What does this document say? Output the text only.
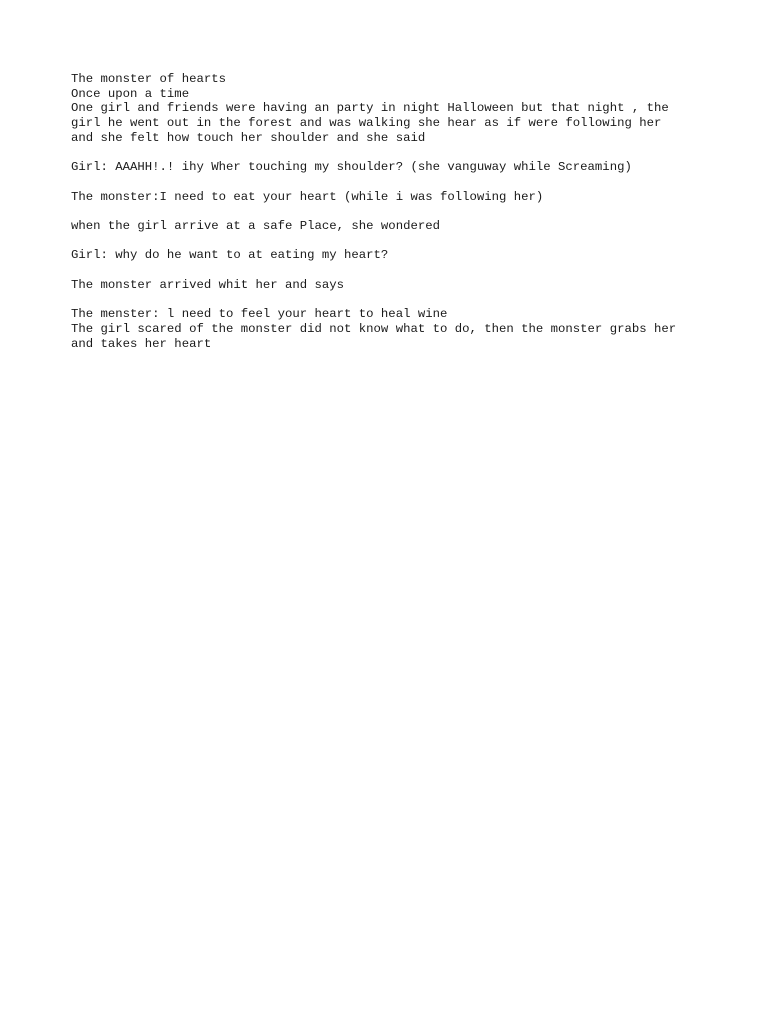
The monster of hearts
Once upon a time
One girl and friends were having an party in night Halloween but that night , the
girl he went out in the forest and was walking she hear as if were following her
and she felt how touch her shoulder and she said
Girl: AAAHH!.! ihy Wher touching my shoulder? (she vanguway while Screaming)
The monster:I need to eat your heart (while i was following her)
when the girl arrive at a safe Place, she wondered
Girl: why do he want to at eating my heart?
The monster arrived whit her and says
The menster: l need to feel your heart to heal wine
The girl scared of the monster did not know what to do, then the monster grabs her
and takes her heart
